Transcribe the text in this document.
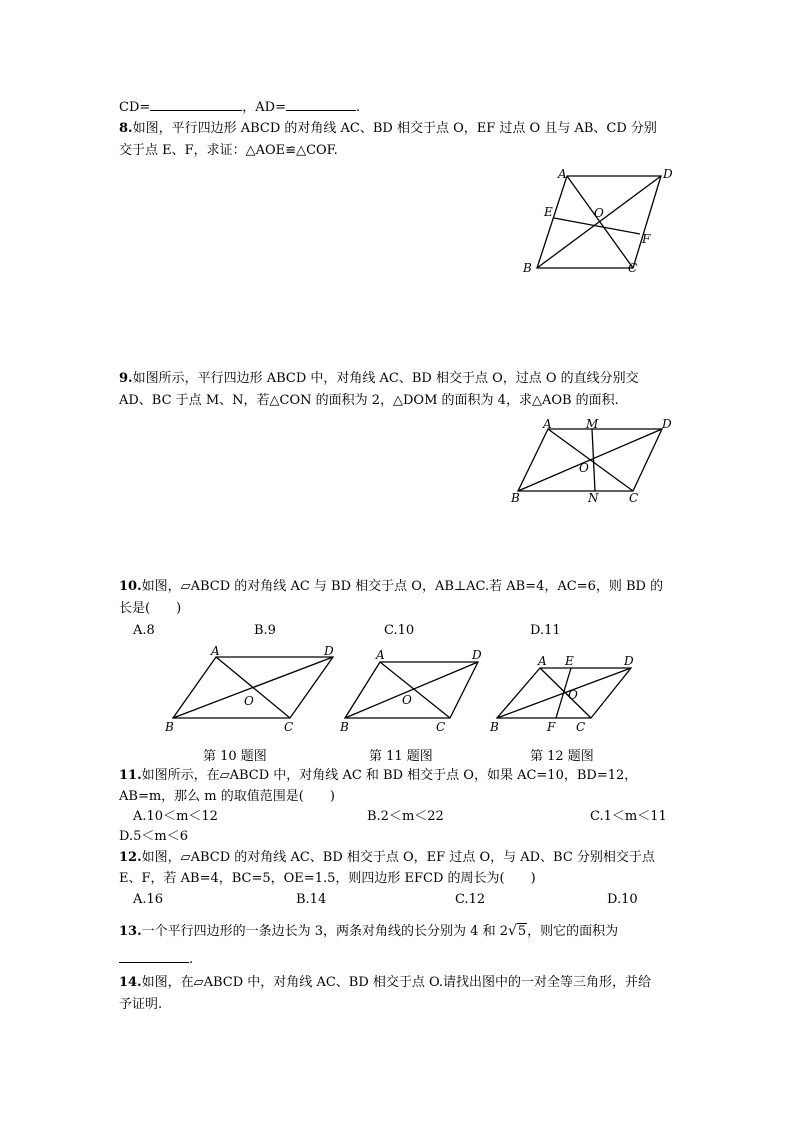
CD=	，AD=	.
8.如图，平行四边形 ABCD 的对角线 AC、BD 相交于点 O，EF 过点 O 且与 AB、CD 分别
交于点 E、F，求证：△AOE≌△COF.
A	D
E	O
F
B	C
9.如图所示，平行四边形 ABCD 中，对角线 AC、BD 相交于点 O，过点 O 的直线分别交
AD、BC 于点 M、N，若△CON 的面积为 2，△DOM 的面积为 4，求△AOB 的面积.
A	M	D
O
B	N	C
10.如图，▱ABCD 的对角线 AC 与 BD 相交于点 O，AB⊥AC.若 AB=4，AC=6，则 BD 的
长是(　　)
A.8	B.9	C.10	D.11
A	D
O
B	C
A	D
O
B	C
A E	D
O
B	F C
第 10 题图	第 11 题图	第 12 题图
11.如图所示，在▱ABCD 中，对角线 AC 和 BD 相交于点 O，如果 AC=10，BD=12，
AB=m，那么 m 的取值范围是(　　)
A.10＜m＜12	B.2＜m＜22	C.1＜m＜11
D.5＜m＜6
12.如图，▱ABCD 的对角线 AC、BD 相交于点 O，EF 过点 O，与 AD、BC 分别相交于点
E、F，若 AB=4，BC=5，OE=1.5，则四边形 EFCD 的周长为(　　)
A.16	B.14	C.12	D.10
13.一个平行四边形的一条边长为 3，两条对角线的长分别为 4 和 2√5，则它的面积为
.
14.如图，在▱ABCD 中，对角线 AC、BD 相交于点 O.请找出图中的一对全等三角形，并给
予证明.
